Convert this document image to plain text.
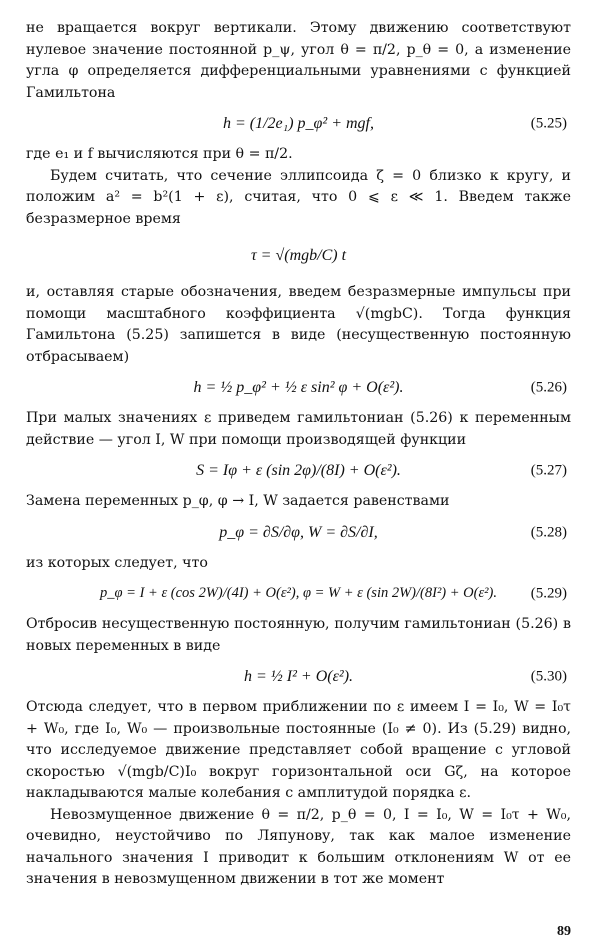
не вращается вокруг вертикали. Этому движению соответствуют нулевое значение постоянной p_ψ, угол θ = π/2, p_θ = 0, а изменение угла φ определяется дифференциальными уравнениями с функцией Гамильтона

h = (1/2e₁) p_φ² + mgf,	(5.25)

где e₁ и f вычисляются при θ = π/2.

Будем считать, что сечение эллипсоида ζ = 0 близко к кругу, и положим a² = b²(1 + ε), считая, что 0 ⩽ ε ≪ 1. Введем также безразмерное время

τ = √(mgb/C) t

и, оставляя старые обозначения, введем безразмерные импульсы при помощи масштабного коэффициента √(mgbC). Тогда функция Гамильтона (5.25) запишется в виде (несущественную постоянную отбрасываем)

h = ½ p_φ² + ½ ε sin² φ + O(ε²).	(5.26)

При малых значениях ε приведем гамильтониан (5.26) к переменным действие — угол I, W при помощи производящей функции

S = Iφ + ε (sin 2φ)/(8I) + O(ε²).	(5.27)

Замена переменных p_φ, φ → I, W задается равенствами

p_φ = ∂S/∂φ, W = ∂S/∂I,	(5.28)

из которых следует, что

p_φ = I + ε (cos 2W)/(4I) + O(ε²), φ = W + ε (sin 2W)/(8I²) + O(ε²). (5.29)

Отбросив несущественную постоянную, получим гамильтониан (5.26) в новых переменных в виде

h = ½ I² + O(ε²).	(5.30)

Отсюда следует, что в первом приближении по ε имеем I = I₀, W = I₀τ + W₀, где I₀, W₀ — произвольные постоянные (I₀ ≠ 0). Из (5.29) видно, что исследуемое движение представляет собой вращение с угловой скоростью √(mgb/C)I₀ вокруг горизонтальной оси Gζ, на которое накладываются малые колебания с амплитудой порядка ε.

Невозмущенное движение θ = π/2, p_θ = 0, I = I₀, W = I₀τ + W₀, очевидно, неустойчиво по Ляпунову, так как малое изменение начального значения I приводит к большим отклонениям W от ее значения в невозмущенном движении в тот же момент

89
